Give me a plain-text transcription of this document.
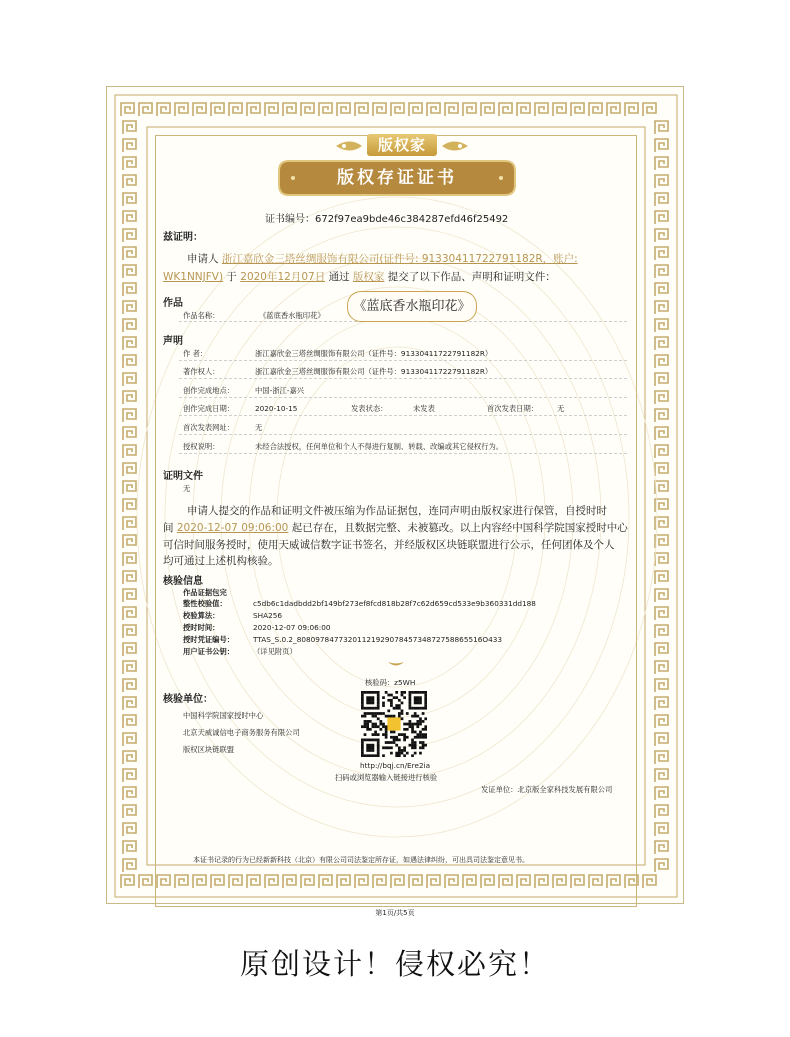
版权家
版权存证证书
证书编号：672f97ea9bde46c384287efd46f25492
兹证明：
申请人 浙江嘉欣金三塔丝绸服饰有限公司(证件号: 91330411722791182R，账户:
WK1NNJFV) 于 2020年12月07日 通过 版权家 提交了以下作品、声明和证明文件：
作品
作品名称：	《蓝底香水瓶印花》
《蓝底香水瓶印花》
声明
作 者：	浙江嘉欣金三塔丝绸服饰有限公司（证件号：91330411722791182R）
著作权人：	浙江嘉欣金三塔丝绸服饰有限公司（证件号：91330411722791182R）
创作完成地点：	中国-浙江-嘉兴
创作完成日期：	2020-10-15	发表状态：	未发表	首次发表日期：	无
首次发表网址：	无
授权说明：	未经合法授权，任何单位和个人不得进行复制、转载、改编或其它侵权行为。
证明文件
无
申请人提交的作品和证明文件被压缩为作品证据包，连同声明由版权家进行保管，自授时时
间 2020-12-07 09:06:00 起已存在，且数据完整、未被篡改。以上内容经中国科学院国家授时中心
可信时间服务授时，使用天威诚信数字证书签名，并经版权区块链联盟进行公示，任何团体及个人
均可通过上述机构核验。
核验信息
作品证据包完
整性校验值：	c5db6c1dadbdd2bf149bf273ef8fcd818b28f7c62d659cd533e9b360331dd188
校验算法：	SHA256
授时时间：	2020-12-07 09:06:00
授时凭证编号：	TTAS_S.0.2_8080978477320112192907845734872758865516O433
用户证书公钥：	（详见附页）
核验单位：
中国科学院国家授时中心
北京天威诚信电子商务服务有限公司
版权区块链联盟
核验码：z5WH
http://bqj.cn/Ere2ia
扫码或浏览器输入链接进行核验
发证单位：北京版全家科技发展有限公司
本证书记录的行为已经新新科技（北京）有限公司司法鉴定所存证，如遇法律纠纷，可出具司法鉴定意见书。
第1页/共5页
原创设计！侵权必究！
